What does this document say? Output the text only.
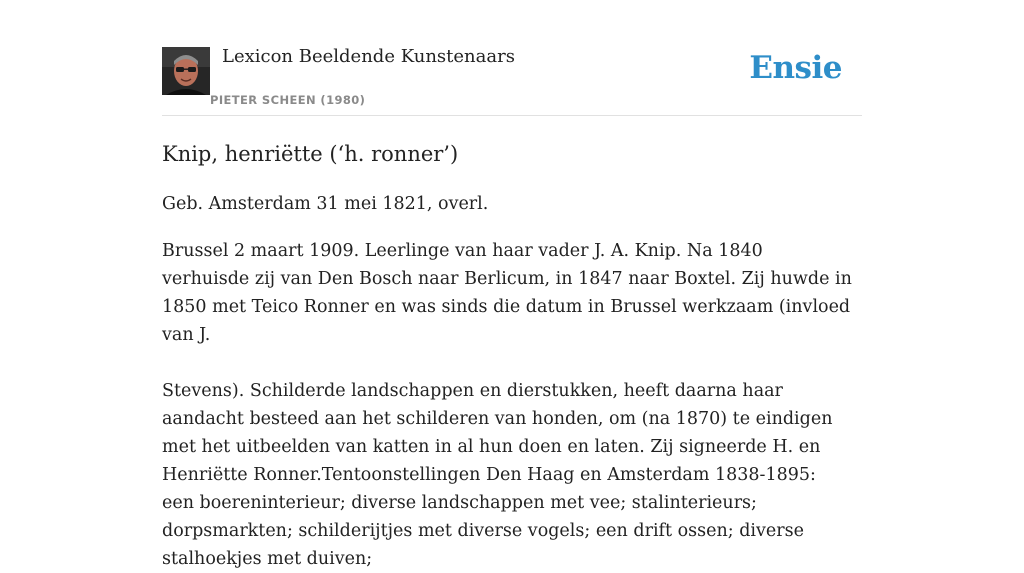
Lexicon Beeldende Kunstenaars
PIETER SCHEEN (1980)
Ensie
Knip, henriëtte (‘h. ronner’)

Geb. Amsterdam 31 mei 1821, overl.

Brussel 2 maart 1909. Leerlinge van haar vader J. A. Knip. Na 1840 verhuisde zij van Den Bosch naar Berlicum, in 1847 naar Boxtel. Zij huwde in 1850 met Teico Ronner en was sinds die datum in Brussel werkzaam (invloed van J.

Stevens). Schilderde landschappen en dierstukken, heeft daarna haar aandacht besteed aan het schilderen van honden, om (na 1870) te eindigen met het uitbeelden van katten in al hun doen en laten. Zij signeerde H. en Henriëtte Ronner.Tentoonstellingen Den Haag en Amsterdam 1838-1895: een boereninterieur; diverse landschappen met vee; stalinterieurs; dorpsmarkten; schilderijtjes met diverse vogels; een drift ossen; diverse stalhoekjes met duiven;
